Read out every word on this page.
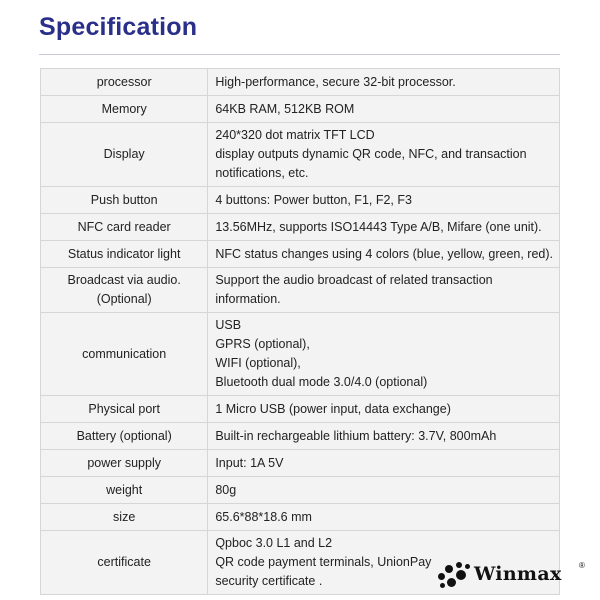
Specification
processor	High-performance, secure 32-bit processor.

Memory	64KB RAM, 512KB ROM

Display	240*320 dot matrix TFT LCD
display outputs dynamic QR code, NFC, and transaction
notifications, etc.

Push button	4 buttons: Power button, F1, F2, F3

NFC card reader	13.56MHz, supports ISO14443 Type A/B, Mifare (one unit).

Status indicator light	NFC status changes using 4 colors (blue, yellow, green, red).

Broadcast via audio.
(Optional)	Support the audio broadcast of related transaction
information.

communication	USB
GPRS (optional),
WIFI (optional),
Bluetooth dual mode 3.0/4.0 (optional)

Physical port	1 Micro USB (power input, data exchange)

Battery (optional)	Built-in rechargeable lithium battery: 3.7V, 800mAh

power supply	Input: 1A 5V

weight	80g

size	65.6*88*18.6 mm

certificate	Qpboc 3.0 L1 and L2
QR code payment terminals, UnionPay
security certificate .	Winmax ®
